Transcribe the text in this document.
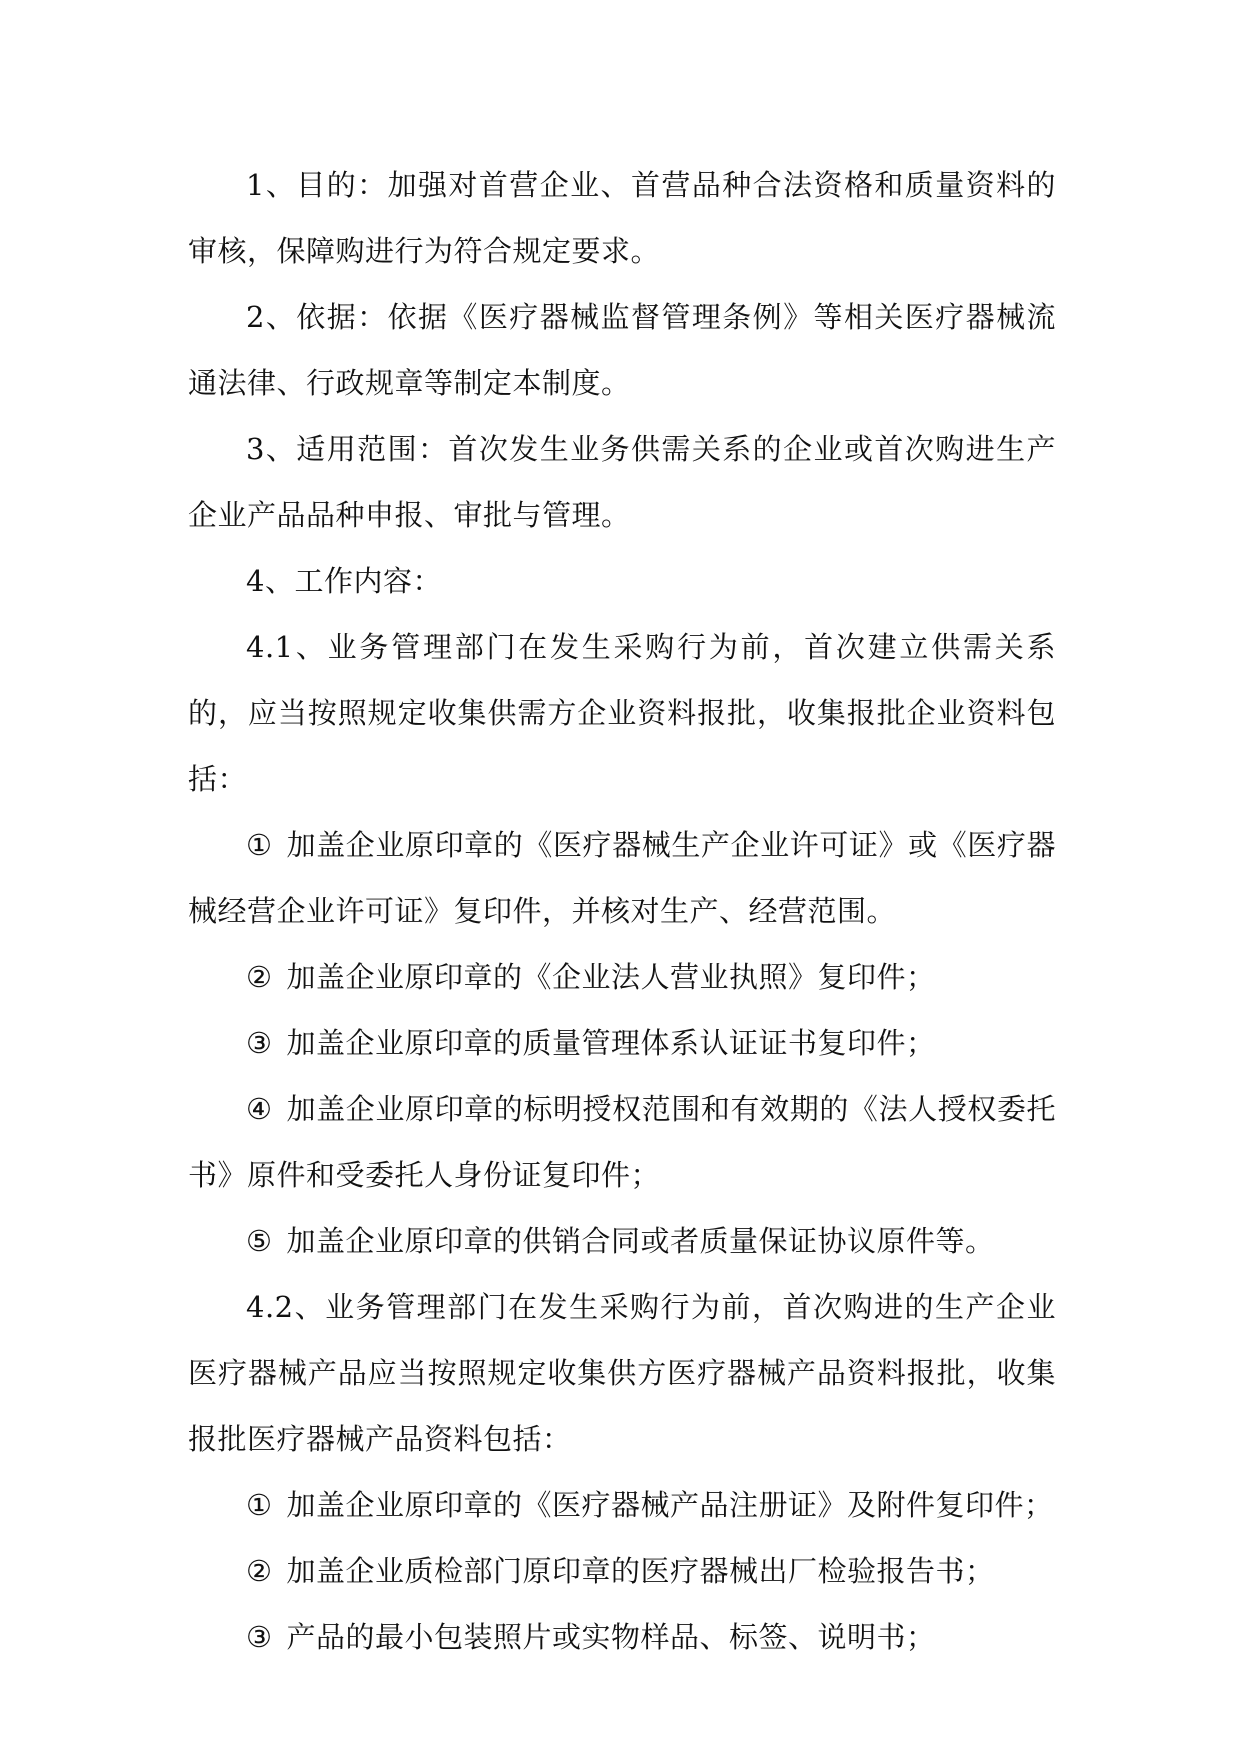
1、目的：加强对首营企业、首营品种合法资格和质量资料的审核，保障购进行为符合规定要求。

2、依据：依据《医疗器械监督管理条例》等相关医疗器械流通法律、行政规章等制定本制度。

3、适用范围：首次发生业务供需关系的企业或首次购进生产企业产品品种申报、审批与管理。

4、工作内容：

4.1、业务管理部门在发生采购行为前，首次建立供需关系的，应当按照规定收集供需方企业资料报批，收集报批企业资料包括：

① 加盖企业原印章的《医疗器械生产企业许可证》或《医疗器械经营企业许可证》复印件，并核对生产、经营范围。

② 加盖企业原印章的《企业法人营业执照》复印件；

③ 加盖企业原印章的质量管理体系认证证书复印件；

④ 加盖企业原印章的标明授权范围和有效期的《法人授权委托书》原件和受委托人身份证复印件；

⑤ 加盖企业原印章的供销合同或者质量保证协议原件等。

4.2、业务管理部门在发生采购行为前，首次购进的生产企业医疗器械产品应当按照规定收集供方医疗器械产品资料报批，收集报批医疗器械产品资料包括：

① 加盖企业原印章的《医疗器械产品注册证》及附件复印件；

② 加盖企业质检部门原印章的医疗器械出厂检验报告书；

③ 产品的最小包装照片或实物样品、标签、说明书；
